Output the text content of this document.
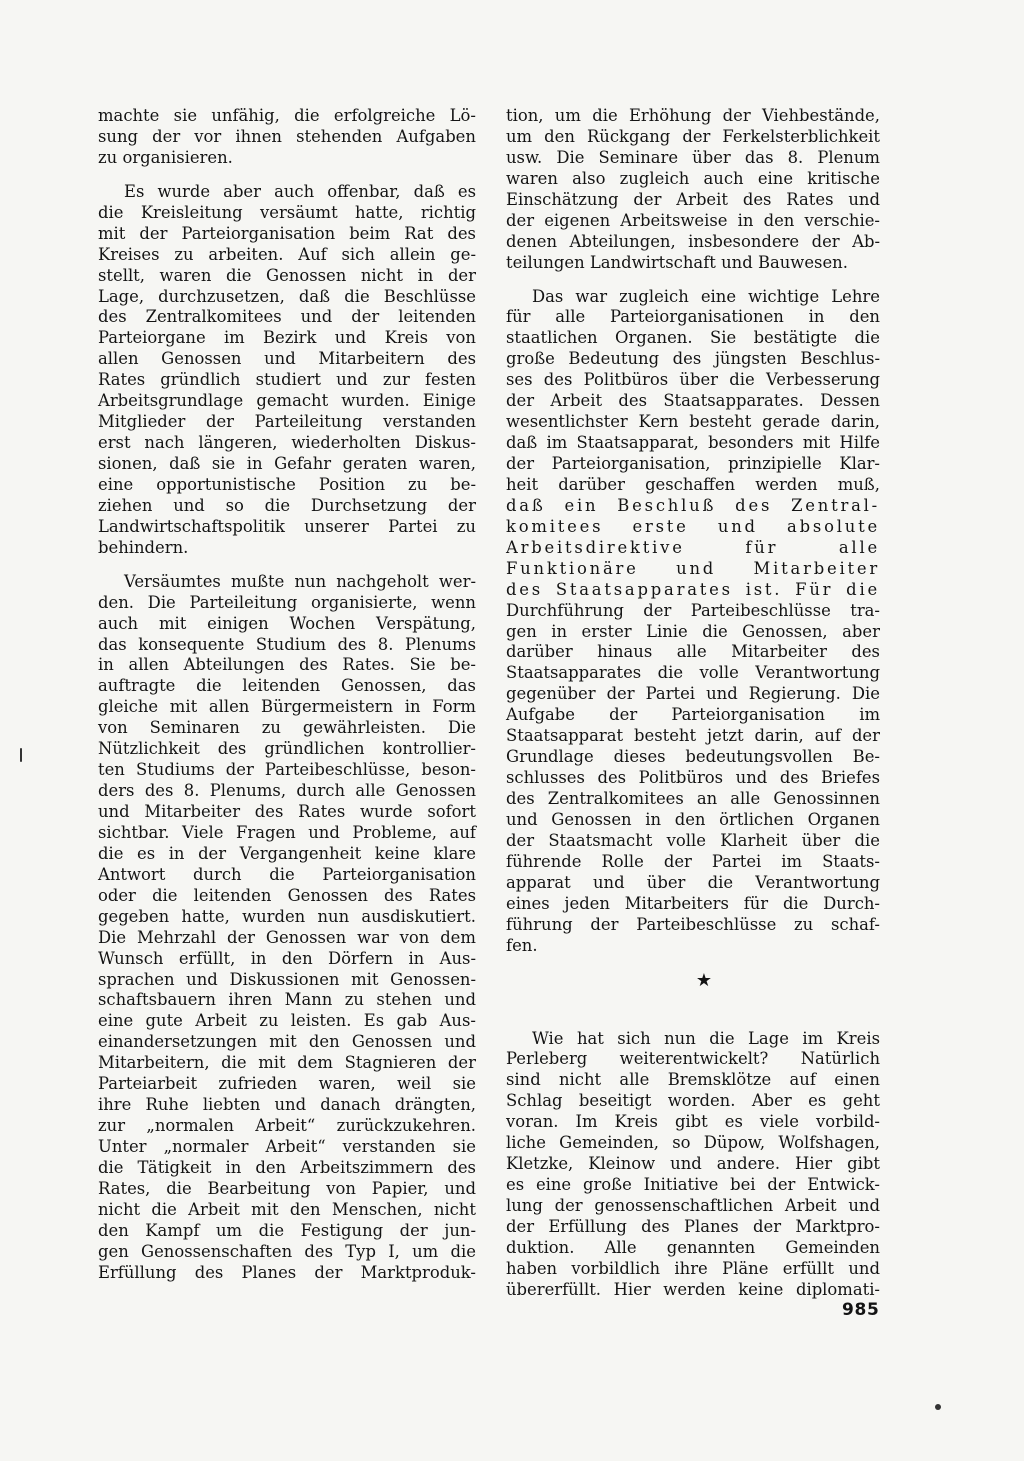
machte sie unfähig, die erfolgreiche Lö-
sung der vor ihnen stehenden Aufgaben
zu organisieren.
Es wurde aber auch offenbar, daß es
die Kreisleitung versäumt hatte, richtig
mit der Parteiorganisation beim Rat des
Kreises zu arbeiten. Auf sich allein ge-
stellt, waren die Genossen nicht in der
Lage, durchzusetzen, daß die Beschlüsse
des Zentralkomitees und der leitenden
Parteiorgane im Bezirk und Kreis von
allen Genossen und Mitarbeitern des
Rates gründlich studiert und zur festen
Arbeitsgrundlage gemacht wurden. Einige
Mitglieder der Parteileitung verstanden
erst nach längeren, wiederholten Diskus-
sionen, daß sie in Gefahr geraten waren,
eine opportunistische Position zu be-
ziehen und so die Durchsetzung der
Landwirtschaftspolitik unserer Partei zu
behindern.
Versäumtes mußte nun nachgeholt wer-
den. Die Parteileitung organisierte, wenn
auch mit einigen Wochen Verspätung,
das konsequente Studium des 8. Plenums
in allen Abteilungen des Rates. Sie be-
auftragte die leitenden Genossen, das
gleiche mit allen Bürgermeistern in Form
von Seminaren zu gewährleisten. Die
Nützlichkeit des gründlichen kontrollier-
ten Studiums der Parteibeschlüsse, beson-
ders des 8. Plenums, durch alle Genossen
und Mitarbeiter des Rates wurde sofort
sichtbar. Viele Fragen und Probleme, auf
die es in der Vergangenheit keine klare
Antwort durch die Parteiorganisation
oder die leitenden Genossen des Rates
gegeben hatte, wurden nun ausdiskutiert.
Die Mehrzahl der Genossen war von dem
Wunsch erfüllt, in den Dörfern in Aus-
sprachen und Diskussionen mit Genossen-
schaftsbauern ihren Mann zu stehen und
eine gute Arbeit zu leisten. Es gab Aus-
einandersetzungen mit den Genossen und
Mitarbeitern, die mit dem Stagnieren der
Parteiarbeit zufrieden waren, weil sie
ihre Ruhe liebten und danach drängten,
zur „normalen Arbeit“ zurückzukehren.
Unter „normaler Arbeit“ verstanden sie
die Tätigkeit in den Arbeitszimmern des
Rates, die Bearbeitung von Papier, und
nicht die Arbeit mit den Menschen, nicht
den Kampf um die Festigung der jun-
gen Genossenschaften des Typ I, um die
Erfüllung des Planes der Marktproduk-
tion, um die Erhöhung der Viehbestände,
um den Rückgang der Ferkelsterblichkeit
usw. Die Seminare über das 8. Plenum
waren also zugleich auch eine kritische
Einschätzung der Arbeit des Rates und
der eigenen Arbeitsweise in den verschie-
denen Abteilungen, insbesondere der Ab-
teilungen Landwirtschaft und Bauwesen.
Das war zugleich eine wichtige Lehre
für alle Parteiorganisationen in den
staatlichen Organen. Sie bestätigte die
große Bedeutung des jüngsten Beschlus-
ses des Politbüros über die Verbesserung
der Arbeit des Staatsapparates. Dessen
wesentlichster Kern besteht gerade darin,
daß im Staatsapparat, besonders mit Hilfe
der Parteiorganisation, prinzipielle Klar-
heit darüber geschaffen werden muß,
daß ein Beschluß des Zentral-
komitees erste und absolute
Arbeitsdirektive	für	alle
Funktionäre und Mitarbeiter
des Staatsapparates ist. Für die
Durchführung der Parteibeschlüsse tra-
gen in erster Linie die Genossen, aber
darüber hinaus alle Mitarbeiter des
Staatsapparates die volle Verantwortung
gegenüber der Partei und Regierung. Die
Aufgabe der Parteiorganisation im
Staatsapparat besteht jetzt darin, auf der
Grundlage dieses bedeutungsvollen Be-
schlusses des Politbüros und des Briefes
des Zentralkomitees an alle Genossinnen
und Genossen in den örtlichen Organen
der Staatsmacht volle Klarheit über die
führende Rolle der Partei im Staats-
apparat und über die Verantwortung
eines jeden Mitarbeiters für die Durch-
führung der Parteibeschlüsse zu schaf-
fen.
★
Wie hat sich nun die Lage im Kreis
Perleberg weiterentwickelt? Natürlich
sind nicht alle Bremsklötze auf einen
Schlag beseitigt worden. Aber es geht
voran. Im Kreis gibt es viele vorbild-
liche Gemeinden, so Düpow, Wolfshagen,
Kletzke, Kleinow und andere. Hier gibt
es eine große Initiative bei der Entwick-
lung der genossenschaftlichen Arbeit und
der Erfüllung des Planes der Marktpro-
duktion. Alle genannten Gemeinden
haben vorbildlich ihre Pläne erfüllt und
übererfüllt. Hier werden keine diplomati-
985
